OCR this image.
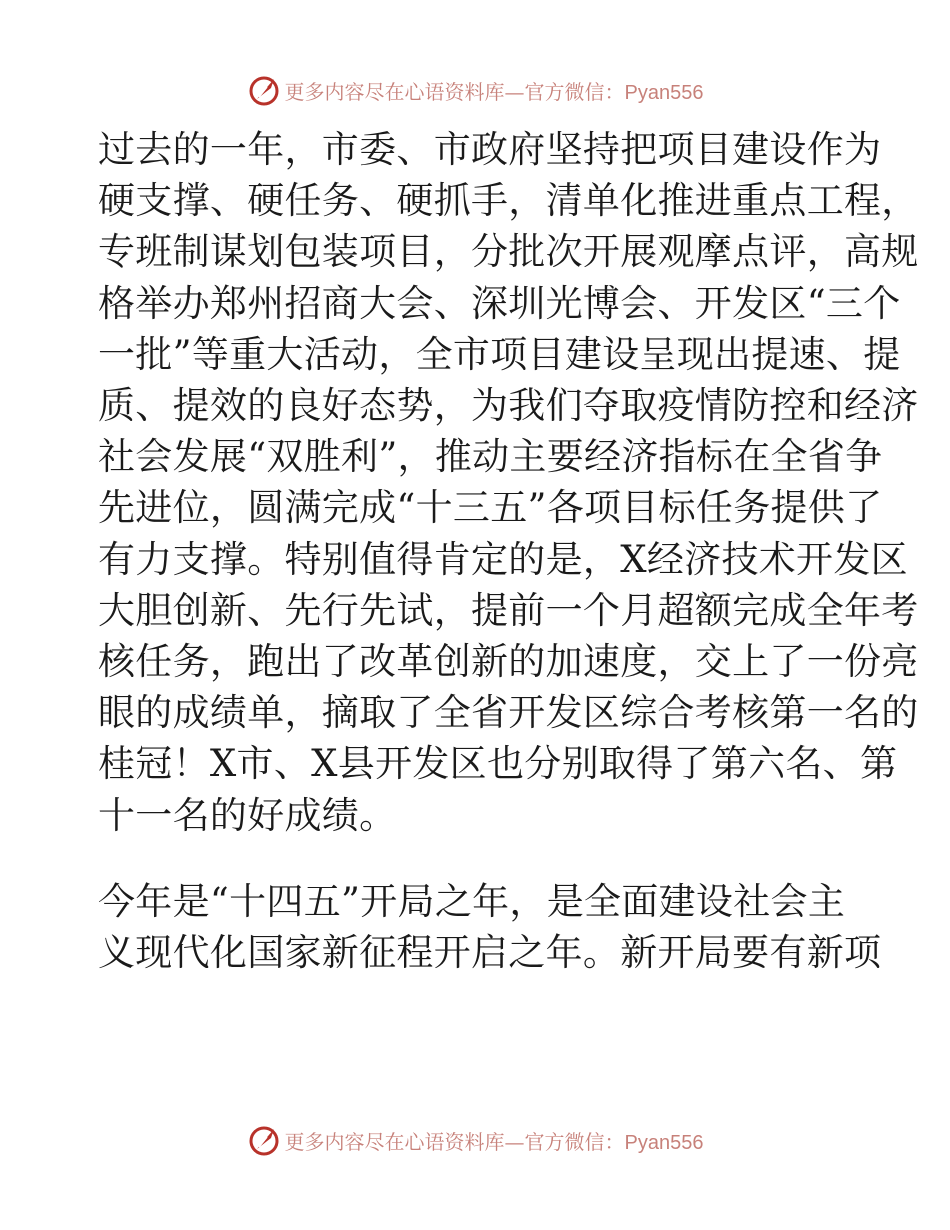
更多内容尽在心语资料库—官方微信：Pyan556

过去的一年，市委、市政府坚持把项目建设作为
硬支撑、硬任务、硬抓手，清单化推进重点工程，
专班制谋划包装项目，分批次开展观摩点评，高规
格举办郑州招商大会、深圳光博会、开发区“三个
一批”等重大活动，全市项目建设呈现出提速、提
质、提效的良好态势，为我们夺取疫情防控和经济
社会发展“双胜利”，推动主要经济指标在全省争
先进位，圆满完成“十三五”各项目标任务提供了
有力支撑。特别值得肯定的是，X经济技术开发区
大胆创新、先行先试，提前一个月超额完成全年考
核任务，跑出了改革创新的加速度，交上了一份亮
眼的成绩单，摘取了全省开发区综合考核第一名的
桂冠！X市、X县开发区也分别取得了第六名、第
十一名的好成绩。

今年是“十四五”开局之年，是全面建设社会主
义现代化国家新征程开启之年。新开局要有新项

更多内容尽在心语资料库—官方微信：Pyan556
